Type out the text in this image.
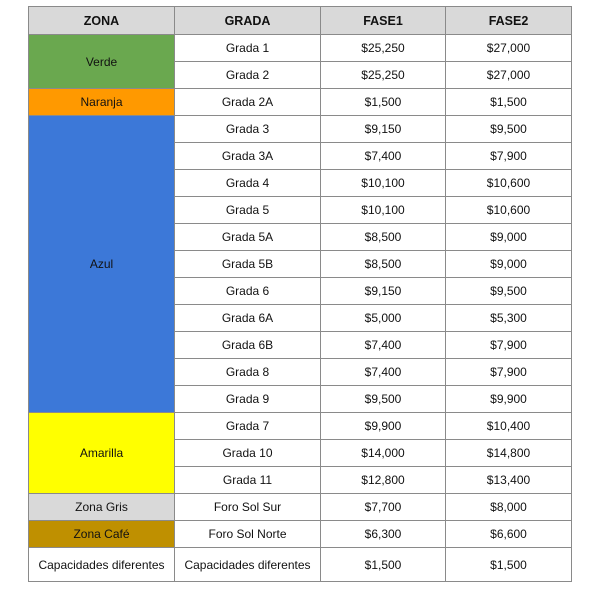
ZONA	GRADA	FASE1	FASE2
Verde	Grada 1	$25,250	$27,000
	Grada 2	$25,250	$27,000
Naranja	Grada 2A	$1,500	$1,500
Azul	Grada 3	$9,150	$9,500
	Grada 3A	$7,400	$7,900
	Grada 4	$10,100	$10,600
	Grada 5	$10,100	$10,600
	Grada 5A	$8,500	$9,000
	Grada 5B	$8,500	$9,000
	Grada 6	$9,150	$9,500
	Grada 6A	$5,000	$5,300
	Grada 6B	$7,400	$7,900
	Grada 8	$7,400	$7,900
	Grada 9	$9,500	$9,900
Amarilla	Grada 7	$9,900	$10,400
	Grada 10	$14,000	$14,800
	Grada 11	$12,800	$13,400
Zona Gris	Foro Sol Sur	$7,700	$8,000
Zona Café	Foro Sol Norte	$6,300	$6,600
Capacidades diferentes	Capacidades diferentes	$1,500	$1,500
